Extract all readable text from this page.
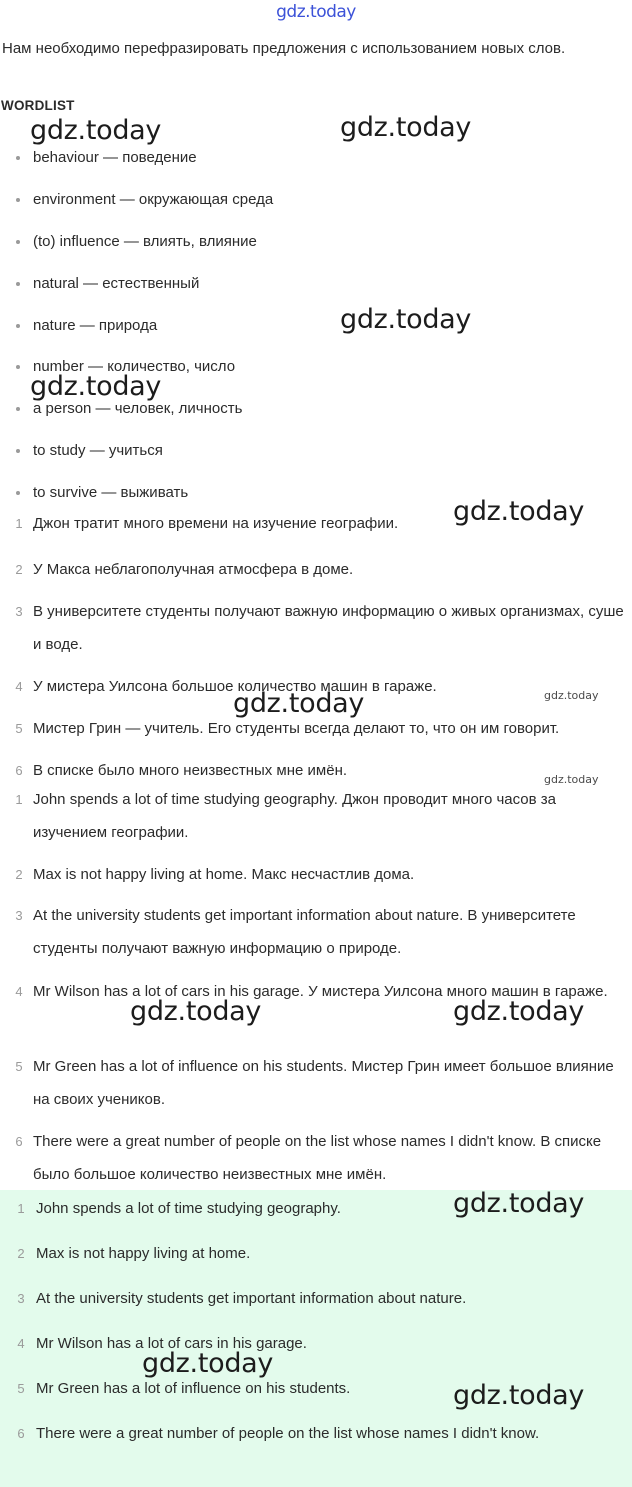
gdz.today
Нам необходимо перефразировать предложения с использованием новых слов.
WORDLIST
behaviour — поведение
environment — окружающая среда
(to) influence — влиять, влияние
natural — естественный
nature — природа
number — количество, число
a person — человек, личность
to study — учиться
to survive — выживать
1 Джон тратит много времени на изучение географии.
2 У Макса неблагополучная атмосфера в доме.
3 В университете студенты получают важную информацию о живых организмах, суше и воде.
4 У мистера Уилсона большое количество машин в гараже.
5 Мистер Грин — учитель. Его студенты всегда делают то, что он им говорит.
6 В списке было много неизвестных мне имён.
1 John spends a lot of time studying geography. Джон проводит много часов за изучением географии.
2 Max is not happy living at home. Макс несчастлив дома.
3 At the university students get important information about nature. В университете студенты получают важную информацию о природе.
4 Mr Wilson has a lot of cars in his garage. У мистера Уилсона много машин в гараже.
5 Mr Green has a lot of influence on his students. Мистер Грин имеет большое влияние на своих учеников.
6 There were a great number of people on the list whose names I didn't know. В списке было большое количество неизвестных мне имён.
1 John spends a lot of time studying geography.
2 Max is not happy living at home.
3 At the university students get important information about nature.
4 Mr Wilson has a lot of cars in his garage.
5 Mr Green has a lot of influence on his students.
6 There were a great number of people on the list whose names I didn't know.
gdz.today	gdz.today
gdz.today
gdz.today
gdz.today
gdz.today	gdz.today
gdz.today
gdz.today	gdz.today
gdz.today
gdz.today
gdz.today
